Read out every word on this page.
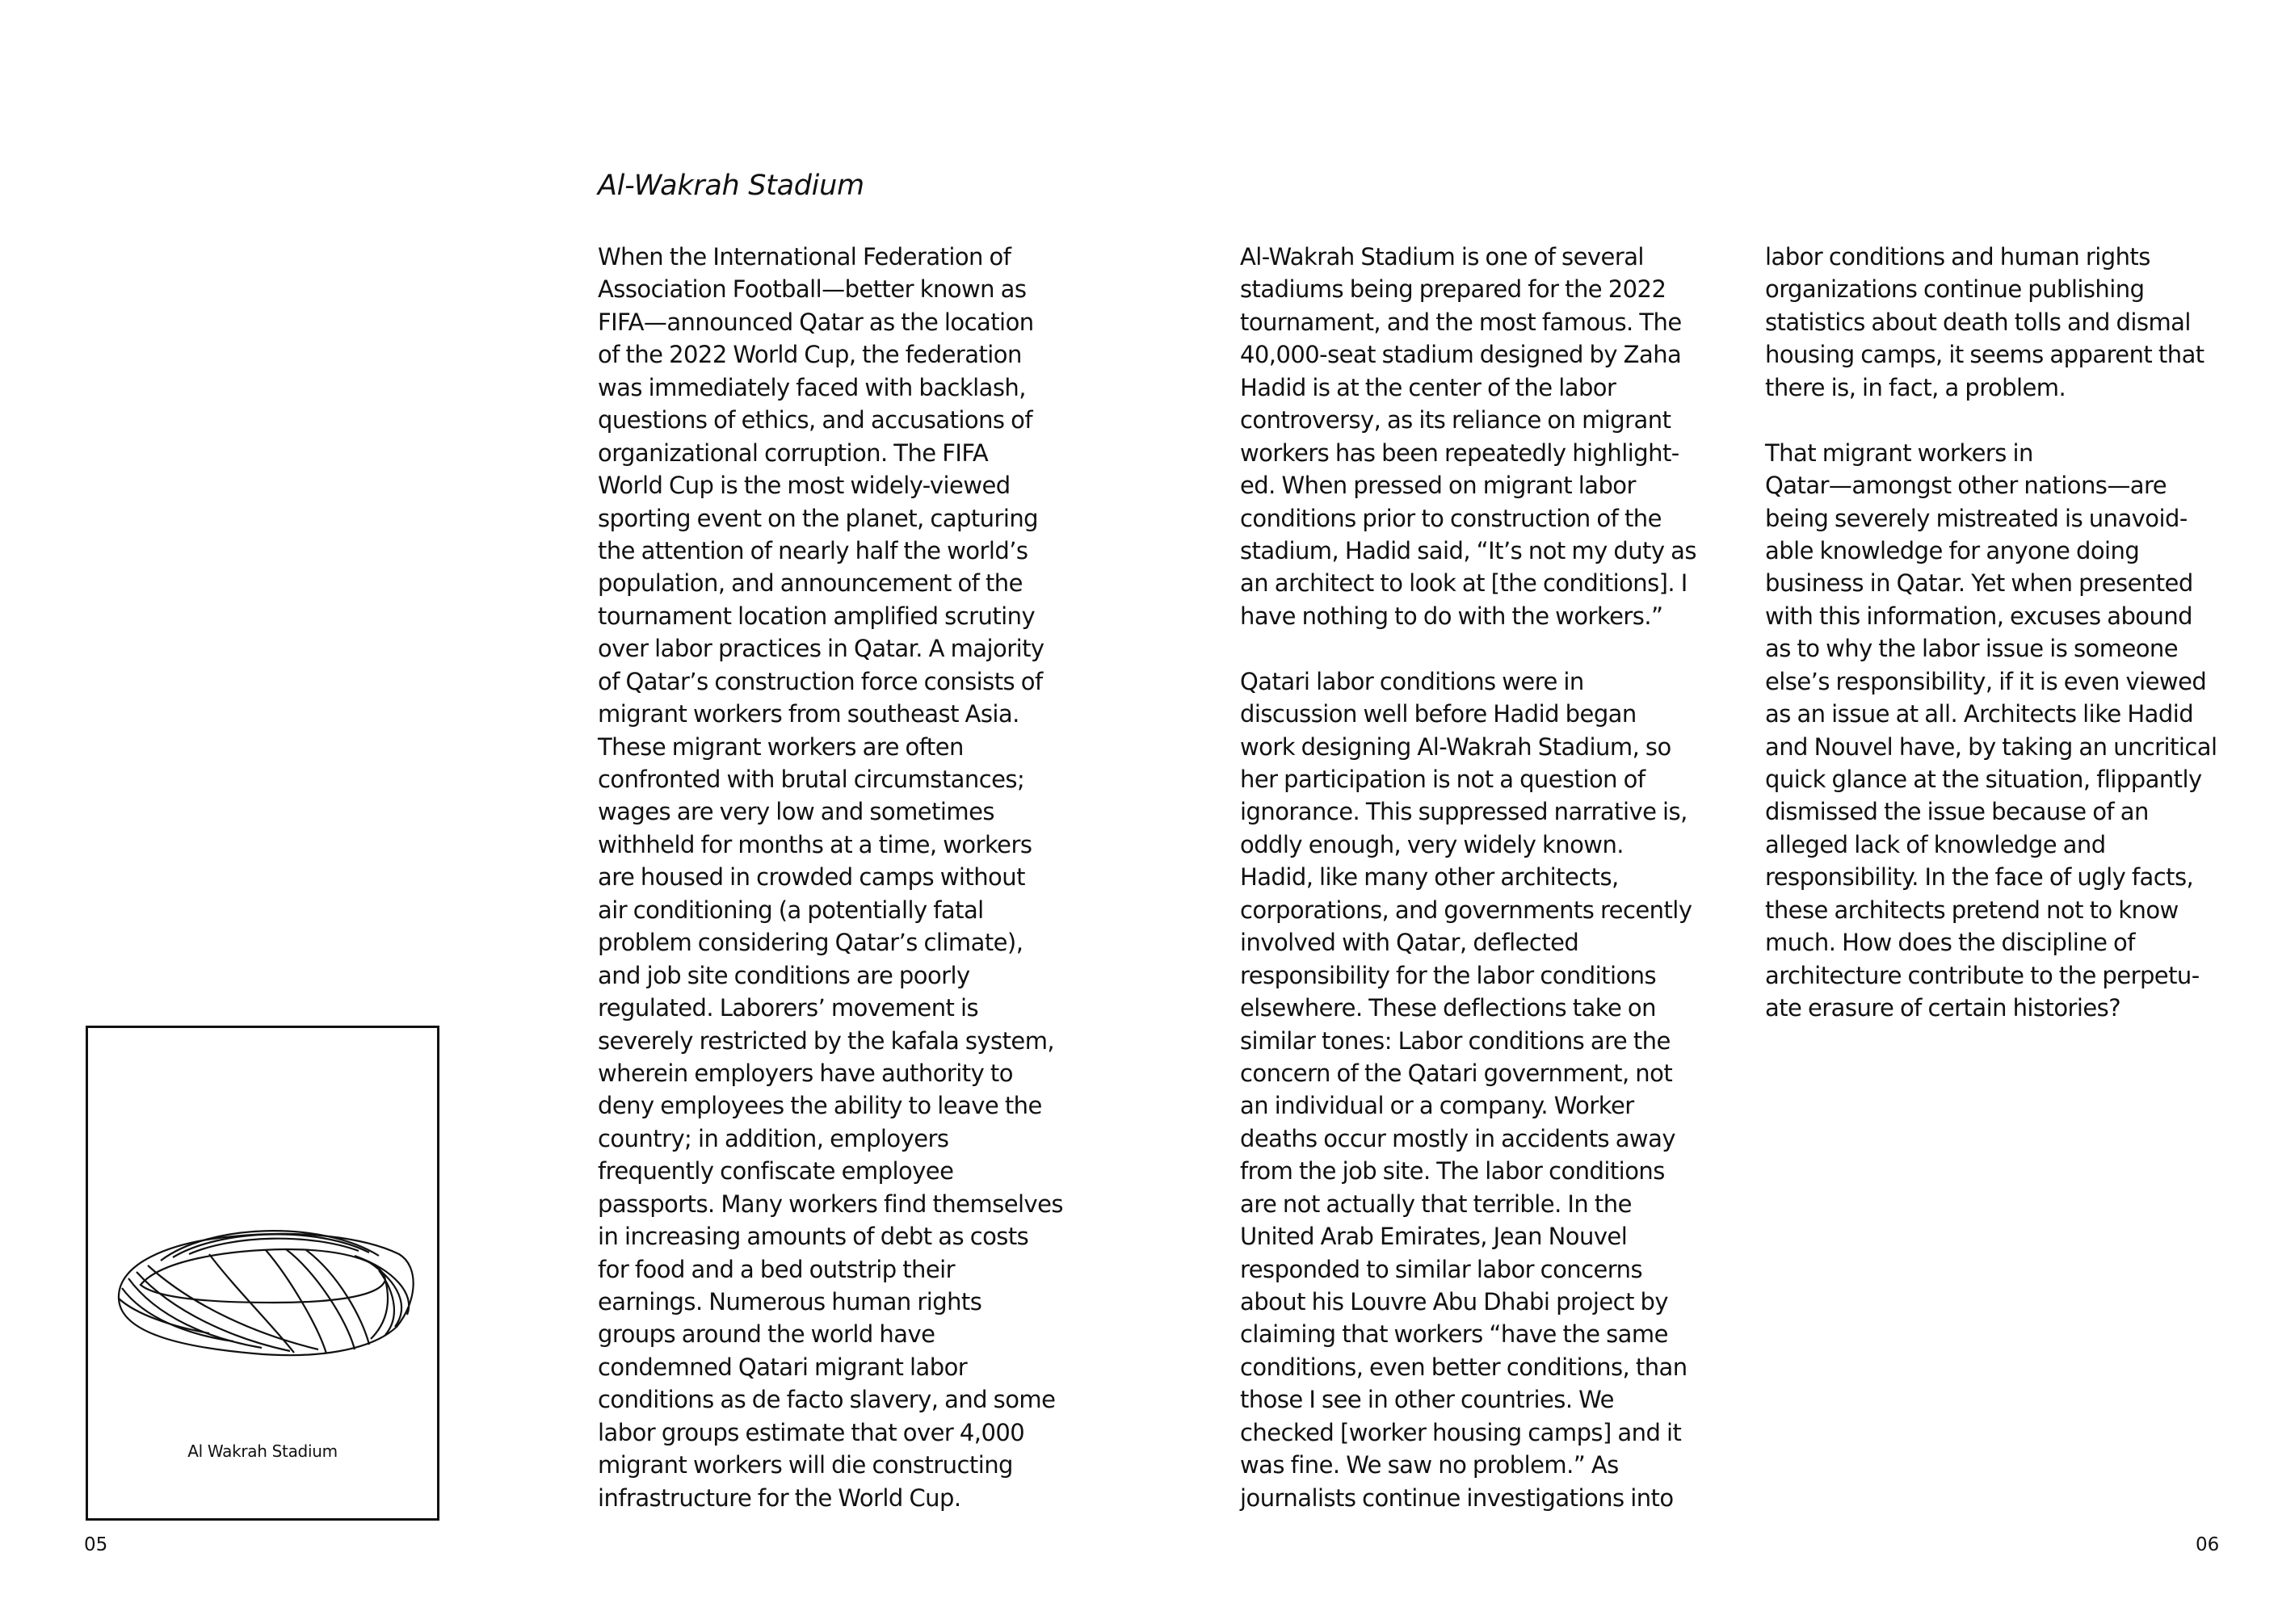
Al-Wakrah Stadium
When the International Federation of
Association Football—better known as
FIFA—announced Qatar as the location
of the 2022 World Cup, the federation
was immediately faced with backlash,
questions of ethics, and accusations of
organizational corruption. The FIFA
World Cup is the most widely-viewed
sporting event on the planet, capturing
the attention of nearly half the world’s
population, and announcement of the
tournament location amplified scrutiny
over labor practices in Qatar. A majority
of Qatar’s construction force consists of
migrant workers from southeast Asia.
These migrant workers are often
confronted with brutal circumstances;
wages are very low and sometimes
withheld for months at a time, workers
are housed in crowded camps without
air conditioning (a potentially fatal
problem considering Qatar’s climate),
and job site conditions are poorly
regulated. Laborers’ movement is
severely restricted by the kafala system,
wherein employers have authority to
deny employees the ability to leave the
country; in addition, employers
frequently confiscate employee
passports. Many workers find themselves
in increasing amounts of debt as costs
for food and a bed outstrip their
earnings. Numerous human rights
groups around the world have
condemned Qatari migrant labor
conditions as de facto slavery, and some
labor groups estimate that over 4,000
migrant workers will die constructing
infrastructure for the World Cup.
Al-Wakrah Stadium is one of several
stadiums being prepared for the 2022
tournament, and the most famous. The
40,000-seat stadium designed by Zaha
Hadid is at the center of the labor
controversy, as its reliance on migrant
workers has been repeatedly highlight-
ed. When pressed on migrant labor
conditions prior to construction of the
stadium, Hadid said, “It’s not my duty as
an architect to look at [the conditions]. I
have nothing to do with the workers.”
Qatari labor conditions were in
discussion well before Hadid began
work designing Al-Wakrah Stadium, so
her participation is not a question of
ignorance. This suppressed narrative is,
oddly enough, very widely known.
Hadid, like many other architects,
corporations, and governments recently
involved with Qatar, deflected
responsibility for the labor conditions
elsewhere. These deflections take on
similar tones: Labor conditions are the
concern of the Qatari government, not
an individual or a company. Worker
deaths occur mostly in accidents away
from the job site. The labor conditions
are not actually that terrible. In the
United Arab Emirates, Jean Nouvel
responded to similar labor concerns
about his Louvre Abu Dhabi project by
claiming that workers “have the same
conditions, even better conditions, than
those I see in other countries. We
checked [worker housing camps] and it
was fine. We saw no problem.” As
journalists continue investigations into
labor conditions and human rights
organizations continue publishing
statistics about death tolls and dismal
housing camps, it seems apparent that
there is, in fact, a problem.
That migrant workers in
Qatar—amongst other nations—are
being severely mistreated is unavoid-
able knowledge for anyone doing
business in Qatar. Yet when presented
with this information, excuses abound
as to why the labor issue is someone
else’s responsibility, if it is even viewed
as an issue at all. Architects like Hadid
and Nouvel have, by taking an uncritical
quick glance at the situation, flippantly
dismissed the issue because of an
alleged lack of knowledge and
responsibility. In the face of ugly facts,
these architects pretend not to know
much. How does the discipline of
architecture contribute to the perpetu-
ate erasure of certain histories?
Al Wakrah Stadium
05	06
